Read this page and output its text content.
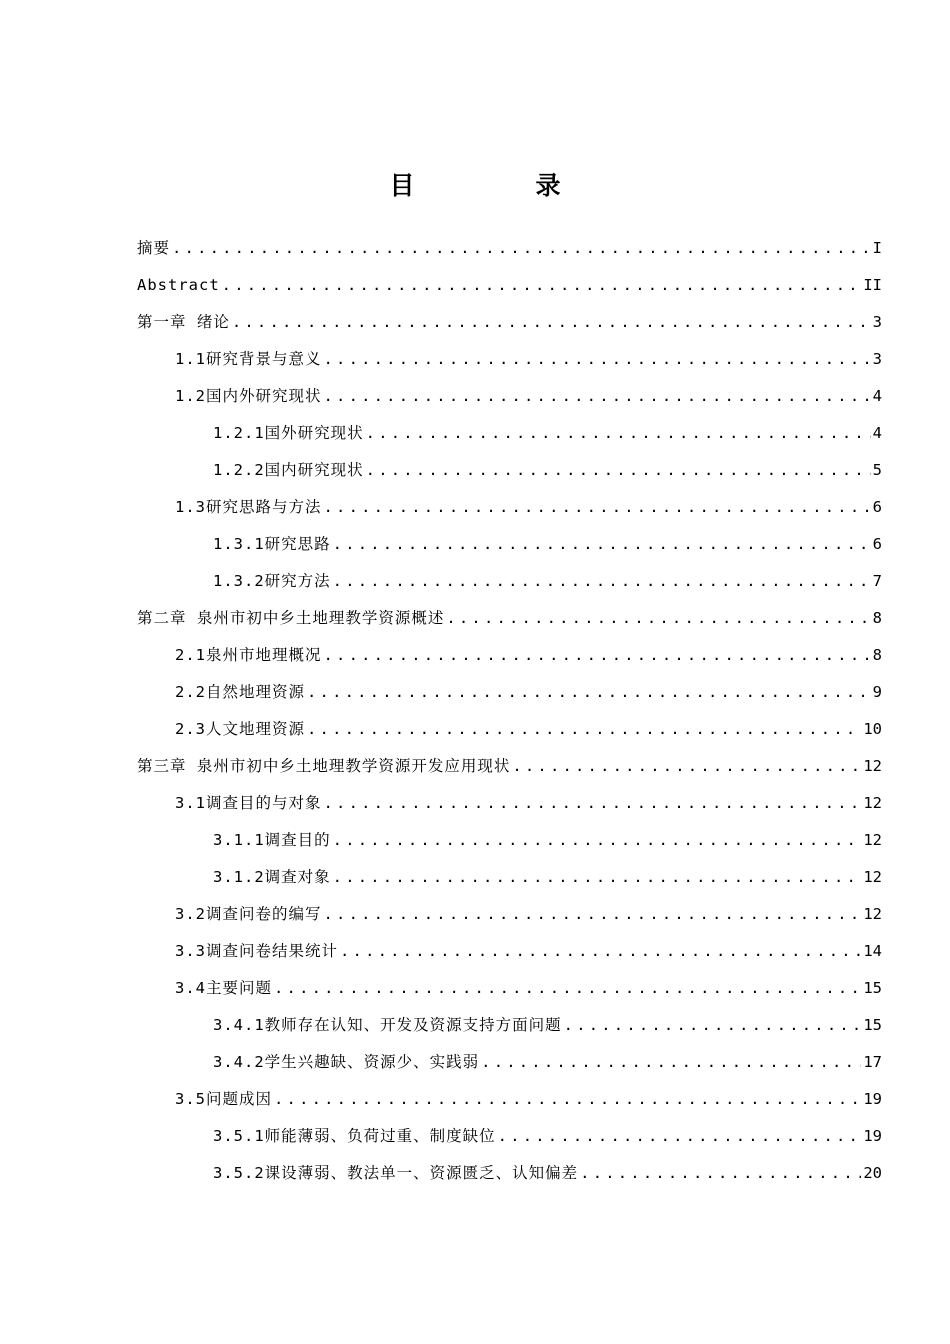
目　录
摘要 .....	I
Abstract .....	II
第一章 绪论 .....	3
1.1研究背景与意义 .....	3
1.2国内外研究现状 .....	4
1.2.1国外研究现状 .....	4
1.2.2国内研究现状 .....	5
1.3研究思路与方法 .....	6
1.3.1研究思路 .....	6
1.3.2研究方法 .....	7
第二章 泉州市初中乡土地理教学资源概述 .....	8
2.1泉州市地理概况 .....	8
2.2自然地理资源 .....	9
2.3人文地理资源 .....	10
第三章 泉州市初中乡土地理教学资源开发应用现状 .....	12
3.1调查目的与对象 .....	12
3.1.1调查目的 .....	12
3.1.2调查对象 .....	12
3.2调查问卷的编写 .....	12
3.3调查问卷结果统计 .....	14
3.4主要问题 .....	15
3.4.1教师存在认知、开发及资源支持方面问题 .....	15
3.4.2学生兴趣缺、资源少、实践弱 .....	17
3.5问题成因 .....	19
3.5.1师能薄弱、负荷过重、制度缺位 .....	19
3.5.2课设薄弱、教法单一、资源匮乏、认知偏差 .....	20
